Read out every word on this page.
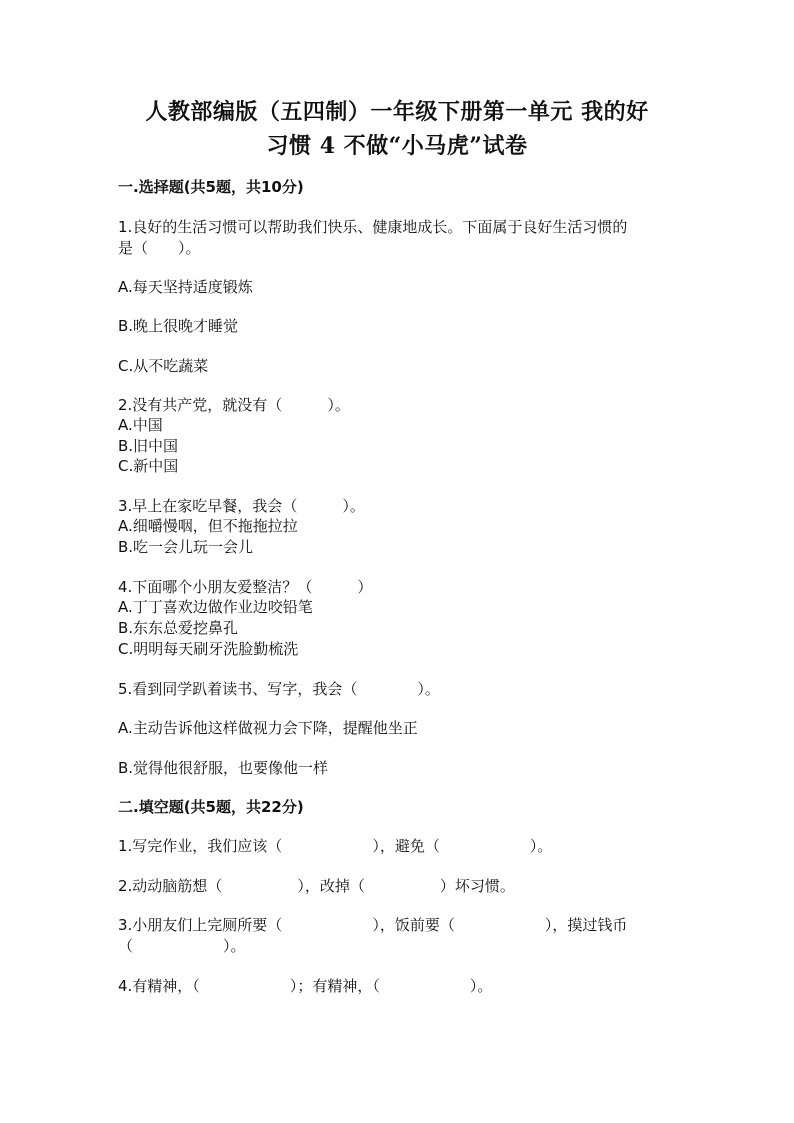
人教部编版（五四制）一年级下册第一单元 我的好
习惯 4 不做“小马虎”试卷
一.选择题(共5题，共10分)
1.良好的生活习惯可以帮助我们快乐、健康地成长。下面属于良好生活习惯的
是（　　）。
A.每天坚持适度锻炼
B.晚上很晚才睡觉
C.从不吃蔬菜
2.没有共产党，就没有（　　　）。
A.中国
B.旧中国
C.新中国
3.早上在家吃早餐，我会（　　　）。
A.细嚼慢咽，但不拖拖拉拉
B.吃一会儿玩一会儿
4.下面哪个小朋友爱整洁？（　　　）
A.丁丁喜欢边做作业边咬铅笔
B.东东总爱挖鼻孔
C.明明每天刷牙洗脸勤梳洗
5.看到同学趴着读书、写字，我会（　　　　）。
A.主动告诉他这样做视力会下降，提醒他坐正
B.觉得他很舒服，也要像他一样
二.填空题(共5题，共22分)
1.写完作业，我们应该（　　　　　　），避免（　　　　　　）。
2.动动脑筋想（　　　　　），改掉（　　　　　）坏习惯。
3.小朋友们上完厕所要（　　　　　　），饭前要（　　　　　　），摸过钱币
（　　　　　　）。
4.有精神，（　　　　　　）；有精神，（　　　　　　）。
